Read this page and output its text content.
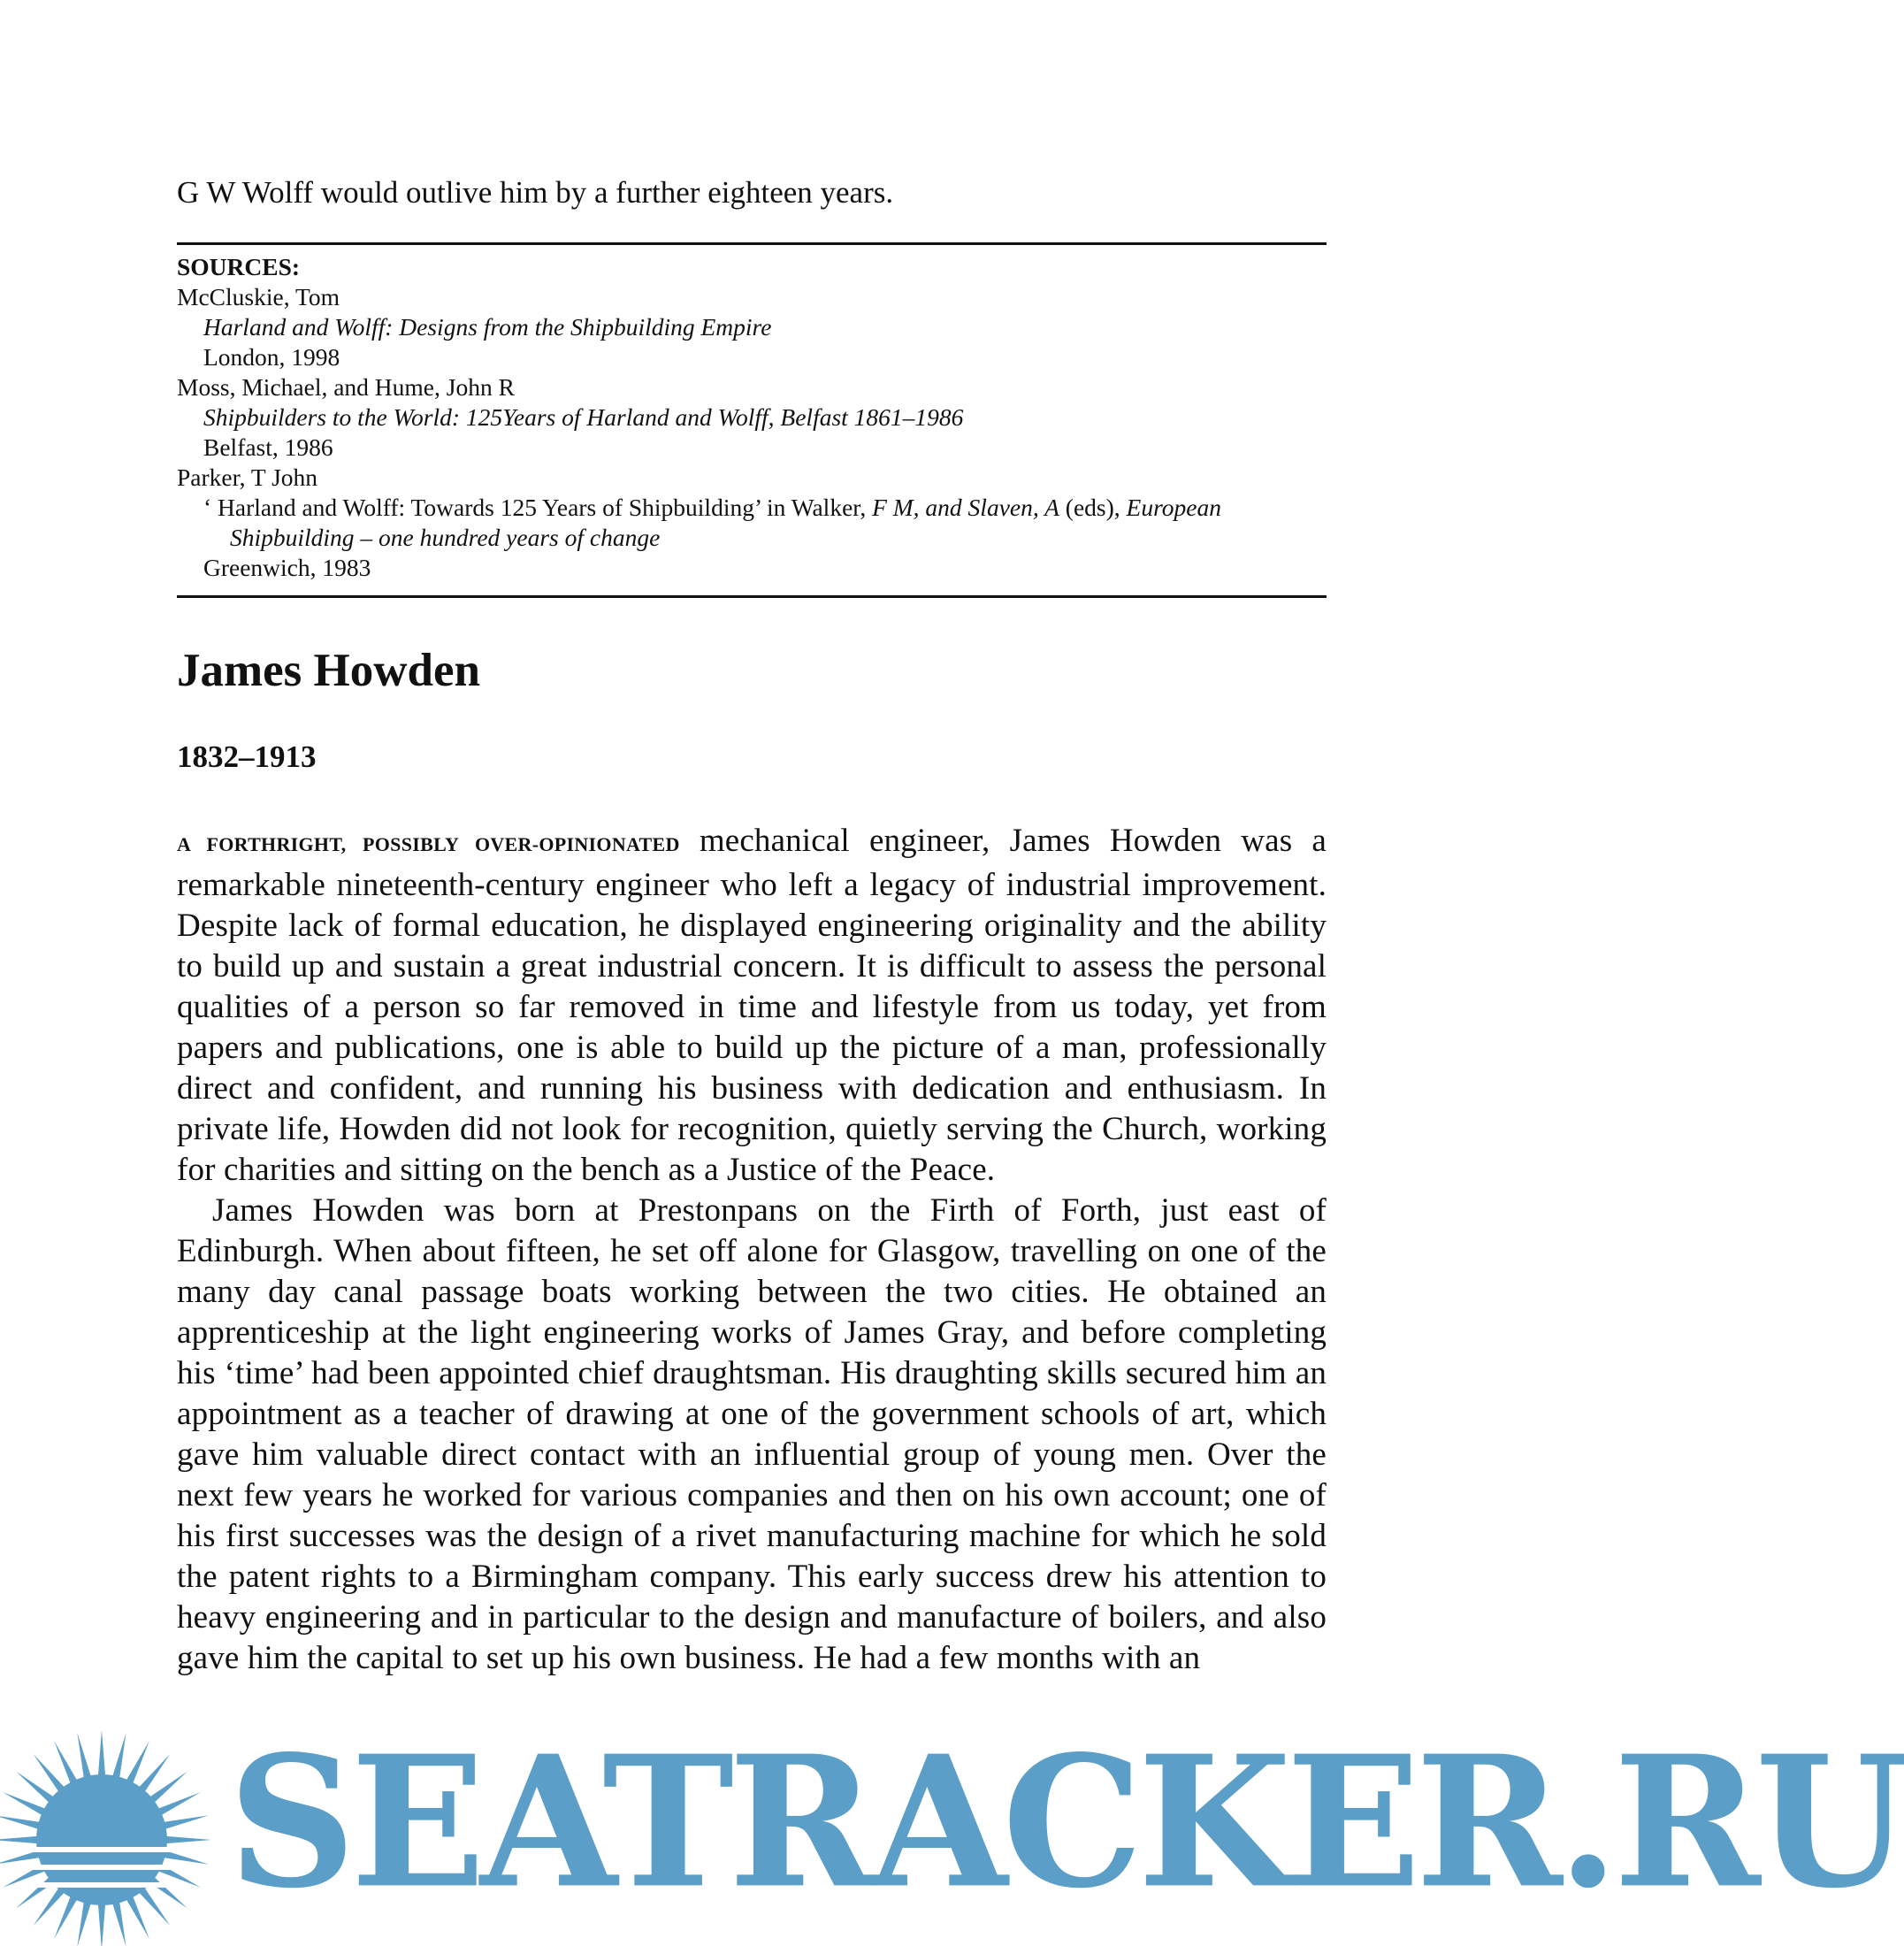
G W Wolff would outlive him by a further eighteen years.

SOURCES:
McCluskie, Tom
Harland and Wolff: Designs from the Shipbuilding Empire
London, 1998
Moss, Michael, and Hume, John R
Shipbuilders to the World: 125Years of Harland and Wolff, Belfast 1861–1986
Belfast, 1986
Parker, T John
‘ Harland and Wolff: Towards 125 Years of Shipbuilding’ in Walker, F M, and Slaven, A (eds), European Shipbuilding – one hundred years of change
Greenwich, 1983
James Howden
1832–1913

A FORTHRIGHT, POSSIBLY OVER-OPINIONATED mechanical engineer, James Howden was a remarkable nineteenth-century engineer who left a legacy of industrial improvement. Despite lack of formal education, he displayed engineering originality and the ability to build up and sustain a great industrial concern. It is difficult to assess the personal qualities of a person so far removed in time and lifestyle from us today, yet from papers and publications, one is able to build up the picture of a man, professionally direct and confident, and running his business with dedication and enthusiasm. In private life, Howden did not look for recognition, quietly serving the Church, working for charities and sitting on the bench as a Justice of the Peace.

James Howden was born at Prestonpans on the Firth of Forth, just east of Edinburgh. When about fifteen, he set off alone for Glasgow, travelling on one of the many day canal passage boats working between the two cities. He obtained an apprenticeship at the light engineering works of James Gray, and before completing his ‘time’ had been appointed chief draughtsman. His draughting skills secured him an appointment as a teacher of drawing at one of the government schools of art, which gave him valuable direct contact with an influential group of young men. Over the next few years he worked for various companies and then on his own account; one of his first successes was the design of a rivet manufacturing machine for which he sold the patent rights to a Birmingham company. This early success drew his attention to heavy engineering and in particular to the design and manufacture of boilers, and also gave him the capital to set up his own business. He had a few months with an

SEATRACKER.RU
